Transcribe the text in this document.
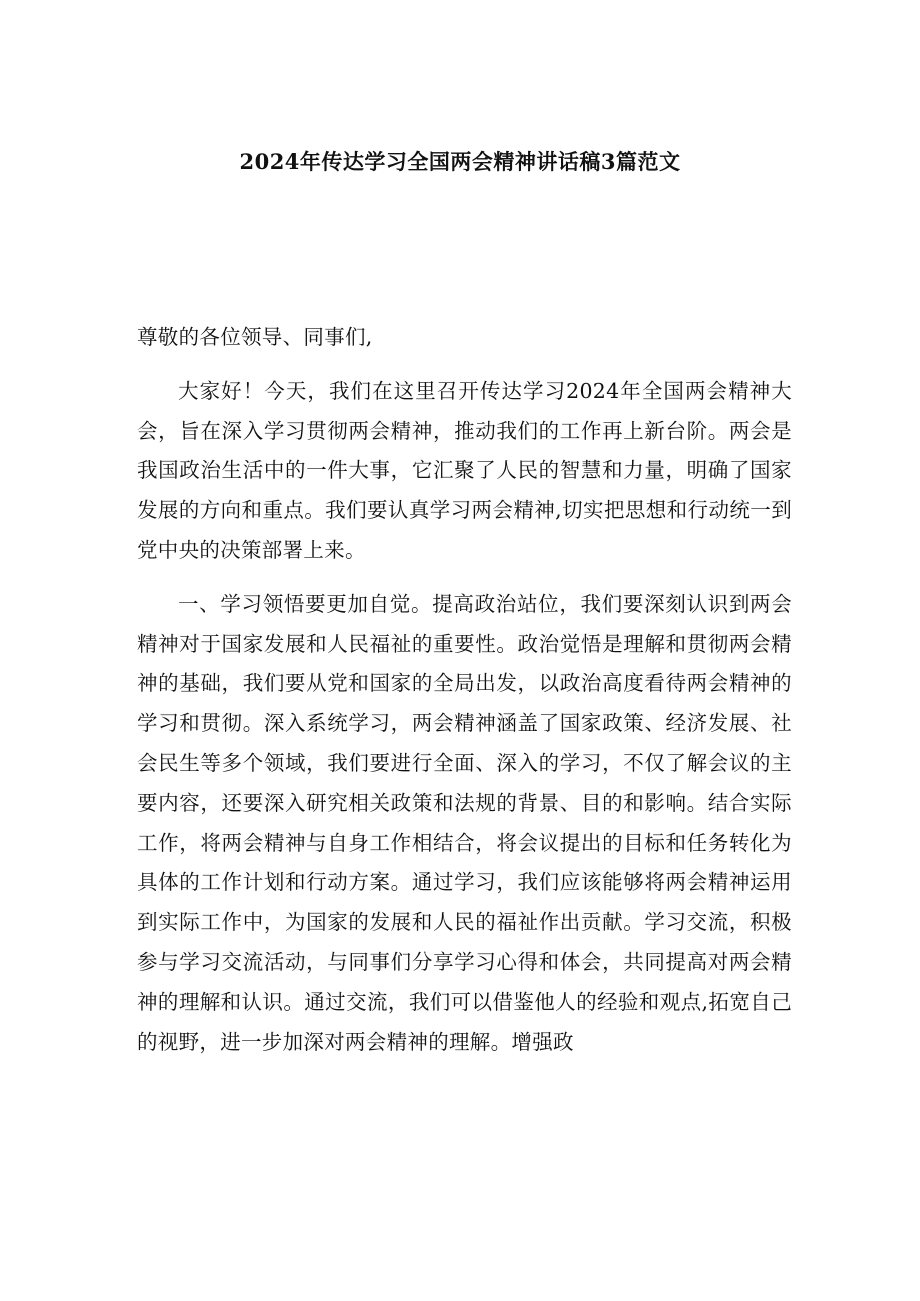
2024年传达学习全国两会精神讲话稿3篇范文

尊敬的各位领导、同事们,

大家好！今天，我们在这里召开传达学习2024年全国两会精神大会，旨在深入学习贯彻两会精神，推动我们的工作再上新台阶。两会是我国政治生活中的一件大事，它汇聚了人民的智慧和力量，明确了国家发展的方向和重点。我们要认真学习两会精神,切实把思想和行动统一到党中央的决策部署上来。

一、学习领悟要更加自觉。提高政治站位，我们要深刻认识到两会精神对于国家发展和人民福祉的重要性。政治觉悟是理解和贯彻两会精神的基础，我们要从党和国家的全局出发，以政治高度看待两会精神的学习和贯彻。深入系统学习，两会精神涵盖了国家政策、经济发展、社会民生等多个领域，我们要进行全面、深入的学习，不仅了解会议的主要内容，还要深入研究相关政策和法规的背景、目的和影响。结合实际工作，将两会精神与自身工作相结合，将会议提出的目标和任务转化为具体的工作计划和行动方案。通过学习，我们应该能够将两会精神运用到实际工作中，为国家的发展和人民的福祉作出贡献。学习交流，积极参与学习交流活动，与同事们分享学习心得和体会，共同提高对两会精神的理解和认识。通过交流，我们可以借鉴他人的经验和观点,拓宽自己的视野，进一步加深对两会精神的理解。增强政
